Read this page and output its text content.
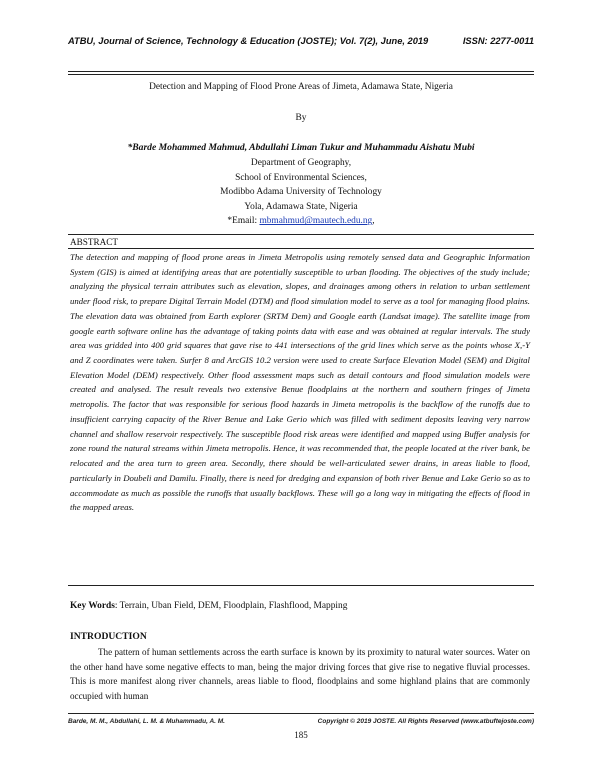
ATBU, Journal of Science, Technology & Education (JOSTE); Vol. 7(2), June, 2019	ISSN: 2277-0011
Detection and Mapping of Flood Prone Areas of Jimeta, Adamawa State, Nigeria
By
*Barde Mohammed Mahmud, Abdullahi Liman Tukur and Muhammadu Aishatu Mubi
Department of Geography,
School of Environmental Sciences,
Modibbo Adama University of Technology
Yola, Adamawa State, Nigeria
*Email: mbmahmud@mautech.edu.ng,
ABSTRACT
The detection and mapping of flood prone areas in Jimeta Metropolis using remotely sensed data and Geographic Information System (GIS) is aimed at identifying areas that are potentially susceptible to urban flooding. The objectives of the study include; analyzing the physical terrain attributes such as elevation, slopes, and drainages among others in relation to urban settlement under flood risk, to prepare Digital Terrain Model (DTM) and flood simulation model to serve as a tool for managing flood plains. The elevation data was obtained from Earth explorer (SRTM Dem) and Google earth (Landsat image). The satellite image from google earth software online has the advantage of taking points data with ease and was obtained at regular intervals. The study area was gridded into 400 grid squares that gave rise to 441 intersections of the grid lines which serve as the points whose X,-Y and Z coordinates were taken. Surfer 8 and ArcGIS 10.2 version were used to create Surface Elevation Model (SEM) and Digital Elevation Model (DEM) respectively. Other flood assessment maps such as detail contours and flood simulation models were created and analysed. The result reveals two extensive Benue floodplains at the northern and southern fringes of Jimeta metropolis. The factor that was responsible for serious flood hazards in Jimeta metropolis is the backflow of the runoffs due to insufficient carrying capacity of the River Benue and Lake Gerio which was filled with sediment deposits leaving very narrow channel and shallow reservoir respectively. The susceptible flood risk areas were identified and mapped using Buffer analysis for zone round the natural streams within Jimeta metropolis. Hence, it was recommended that, the people located at the river bank, be relocated and the area turn to green area. Secondly, there should be well-articulated sewer drains, in areas liable to flood, particularly in Doubeli and Damilu. Finally, there is need for dredging and expansion of both river Benue and Lake Gerio so as to accommodate as much as possible the runoffs that usually backflows. These will go a long way in mitigating the effects of flood in the mapped areas.
Key Words: Terrain, Uban Field, DEM, Floodplain, Flashflood, Mapping
INTRODUCTION

The pattern of human settlements across the earth surface is known by its proximity to natural water sources. Water on the other hand have some negative effects to man, being the major driving forces that give rise to negative fluvial processes. This is more manifest along river channels, areas liable to flood, floodplains and some highland plains that are commonly occupied with human

Barde, M. M., Abdullahi, L. M. & Muhammadu, A. M.	Copyright © 2019 JOSTE. All Rights Reserved (www.atbuftejoste.com)
185
